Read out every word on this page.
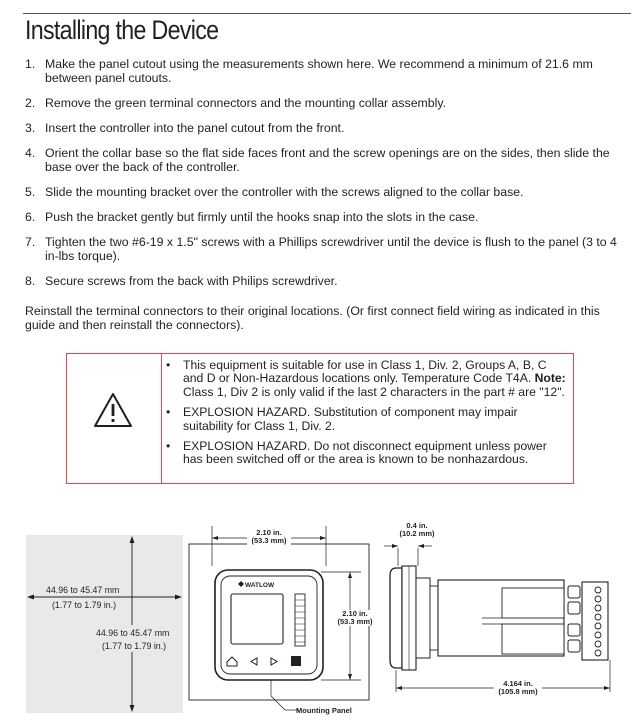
Installing the Device
1. Make the panel cutout using the measurements shown here. We recommend a minimum of 21.6 mm between panel cutouts.
2. Remove the green terminal connectors and the mounting collar assembly.
3. Insert the controller into the panel cutout from the front.
4. Orient the collar base so the flat side faces front and the screw openings are on the sides, then slide the base over the back of the controller.
5. Slide the mounting bracket over the controller with the screws aligned to the collar base.
6. Push the bracket gently but firmly until the hooks snap into the slots in the case.
7. Tighten the two #6-19 x 1.5" screws with a Phillips screwdriver until the device is flush to the panel (3 to 4 in-lbs torque).
8. Secure screws from the back with Philips screwdriver.

Reinstall the terminal connectors to their original locations. (Or first connect field wiring as indicated in this guide and then reinstall the connectors).

• This equipment is suitable for use in Class 1, Div. 2, Groups A, B, C and D or Non-Hazardous locations only. Temperature Code T4A. Note: Class 1, Div 2 is only valid if the last 2 characters in the part # are "12".
• EXPLOSION HAZARD. Substitution of component may impair suitability for Class 1, Div. 2.
• EXPLOSION HAZARD. Do not disconnect equipment unless power has been switched off or the area is known to be nonhazardous.
44.96 to 45.47 mm
(1.77 to 1.79 in.)
44.96 to 45.47 mm
(1.77 to 1.79 in.)
WATLOW
2.10 in.
(53.3 mm)
2.10 in.
(53.3 mm)
Mounting Panel
0.4 in.
(10.2 mm)
4.164 in.
(105.8 mm)
